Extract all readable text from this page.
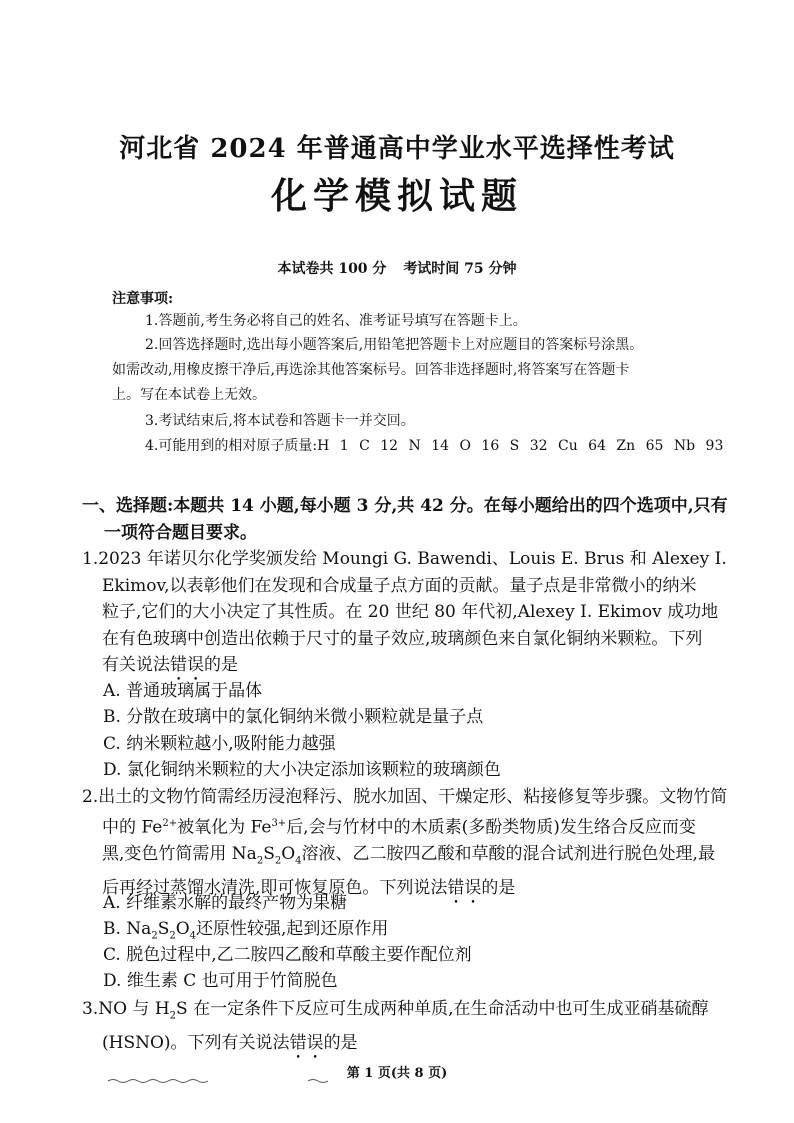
河北省 2024 年普通高中学业水平选择性考试
化学模拟试题
本试卷共 100 分 考试时间 75 分钟
注意事项:
1.答题前,考生务必将自己的姓名、准考证号填写在答题卡上。
2.回答选择题时,选出每小题答案后,用铅笔把答题卡上对应题目的答案标号涂黑。
如需改动,用橡皮擦干净后,再选涂其他答案标号。回答非选择题时,将答案写在答题卡
上。写在本试卷上无效。
3.考试结束后,将本试卷和答题卡一并交回。
4.可能用到的相对原子质量:H 1 C 12 N 14 O 16 S 32 Cu 64 Zn 65 Nb 93
一、选择题:本题共 14 小题,每小题 3 分,共 42 分。在每小题给出的四个选项中,只有
一项符合题目要求。
1.2023 年诺贝尔化学奖颁发给 Moungi G. Bawendi、Louis E. Brus 和 Alexey I.
Ekimov,以表彰他们在发现和合成量子点方面的贡献。量子点是非常微小的纳米
粒子,它们的大小决定了其性质。在 20 世纪 80 年代初,Alexey I. Ekimov 成功地
在有色玻璃中创造出依赖于尺寸的量子效应,玻璃颜色来自氯化铜纳米颗粒。下列
有关说法错误的是
A. 普通玻璃属于晶体
B. 分散在玻璃中的氯化铜纳米微小颗粒就是量子点
C. 纳米颗粒越小,吸附能力越强
D. 氯化铜纳米颗粒的大小决定添加该颗粒的玻璃颜色
2.出土的文物竹简需经历浸泡释污、脱水加固、干燥定形、粘接修复等步骤。文物竹简
中的 $Fe^{2+}$被氧化为 $Fe^{3+}$后,会与竹材中的木质素(多酚类物质)发生络合反应而变
黑,变色竹简需用 $Na_2S_2O_4$溶液、乙二胺四乙酸和草酸的混合试剂进行脱色处理,最
后再经过蒸馏水清洗,即可恢复原色。下列说法错误的是
A. 纤维素水解的最终产物为果糖
B. $Na_2S_2O_4$还原性较强,起到还原作用
C. 脱色过程中,乙二胺四乙酸和草酸主要作配位剂
D. 维生素 C 也可用于竹简脱色
3.NO 与 $H_2S$ 在一定条件下反应可生成两种单质,在生命活动中也可生成亚硝基硫醇
(HSNO)。下列有关说法错误的是
第 1 页(共 8 页)
